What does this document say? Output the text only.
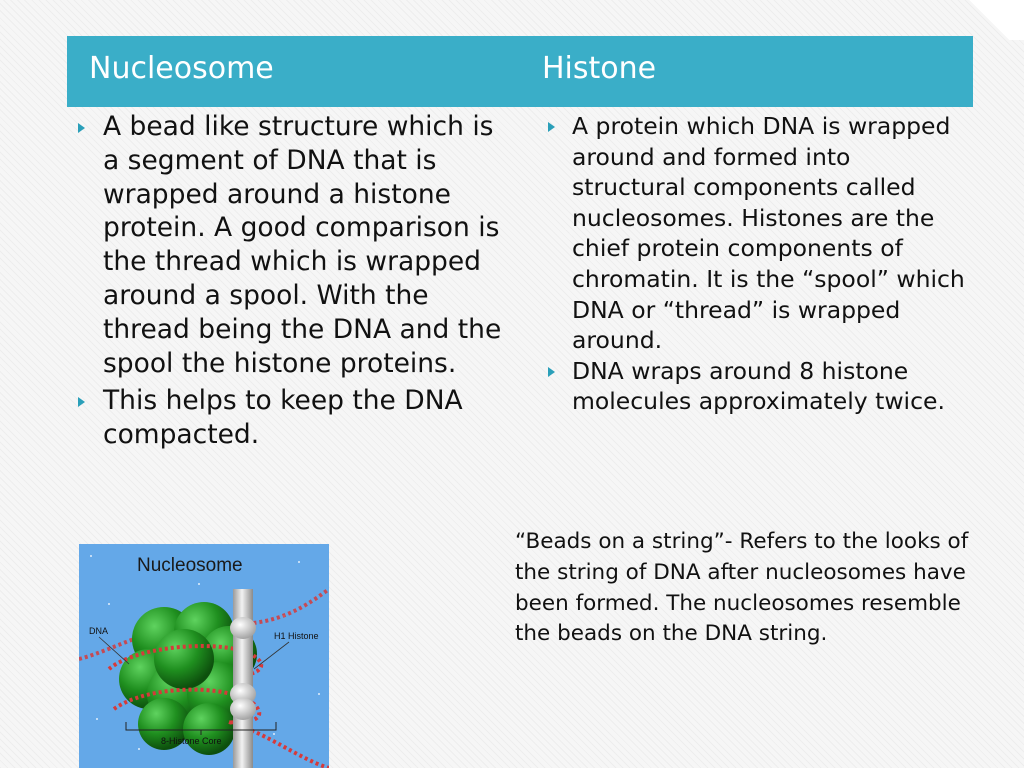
Nucleosome	Histone
A bead like structure which is a segment of DNA that is wrapped around a histone protein. A good comparison is the thread which is wrapped around a spool. With the thread being the DNA and the spool the histone proteins.
This helps to keep the DNA compacted.
A protein which DNA is wrapped around and formed into structural components called nucleosomes. Histones are the chief protein components of chromatin. It is the “spool” which DNA or “thread” is wrapped around.
DNA wraps around 8 histone molecules approximately twice.
“Beads on a string”- Refers to the looks of the string of DNA after nucleosomes have been formed. The nucleosomes resemble the beads on the DNA string.
Nucleosome
DNA	H1 Histone
8-Histone Core
